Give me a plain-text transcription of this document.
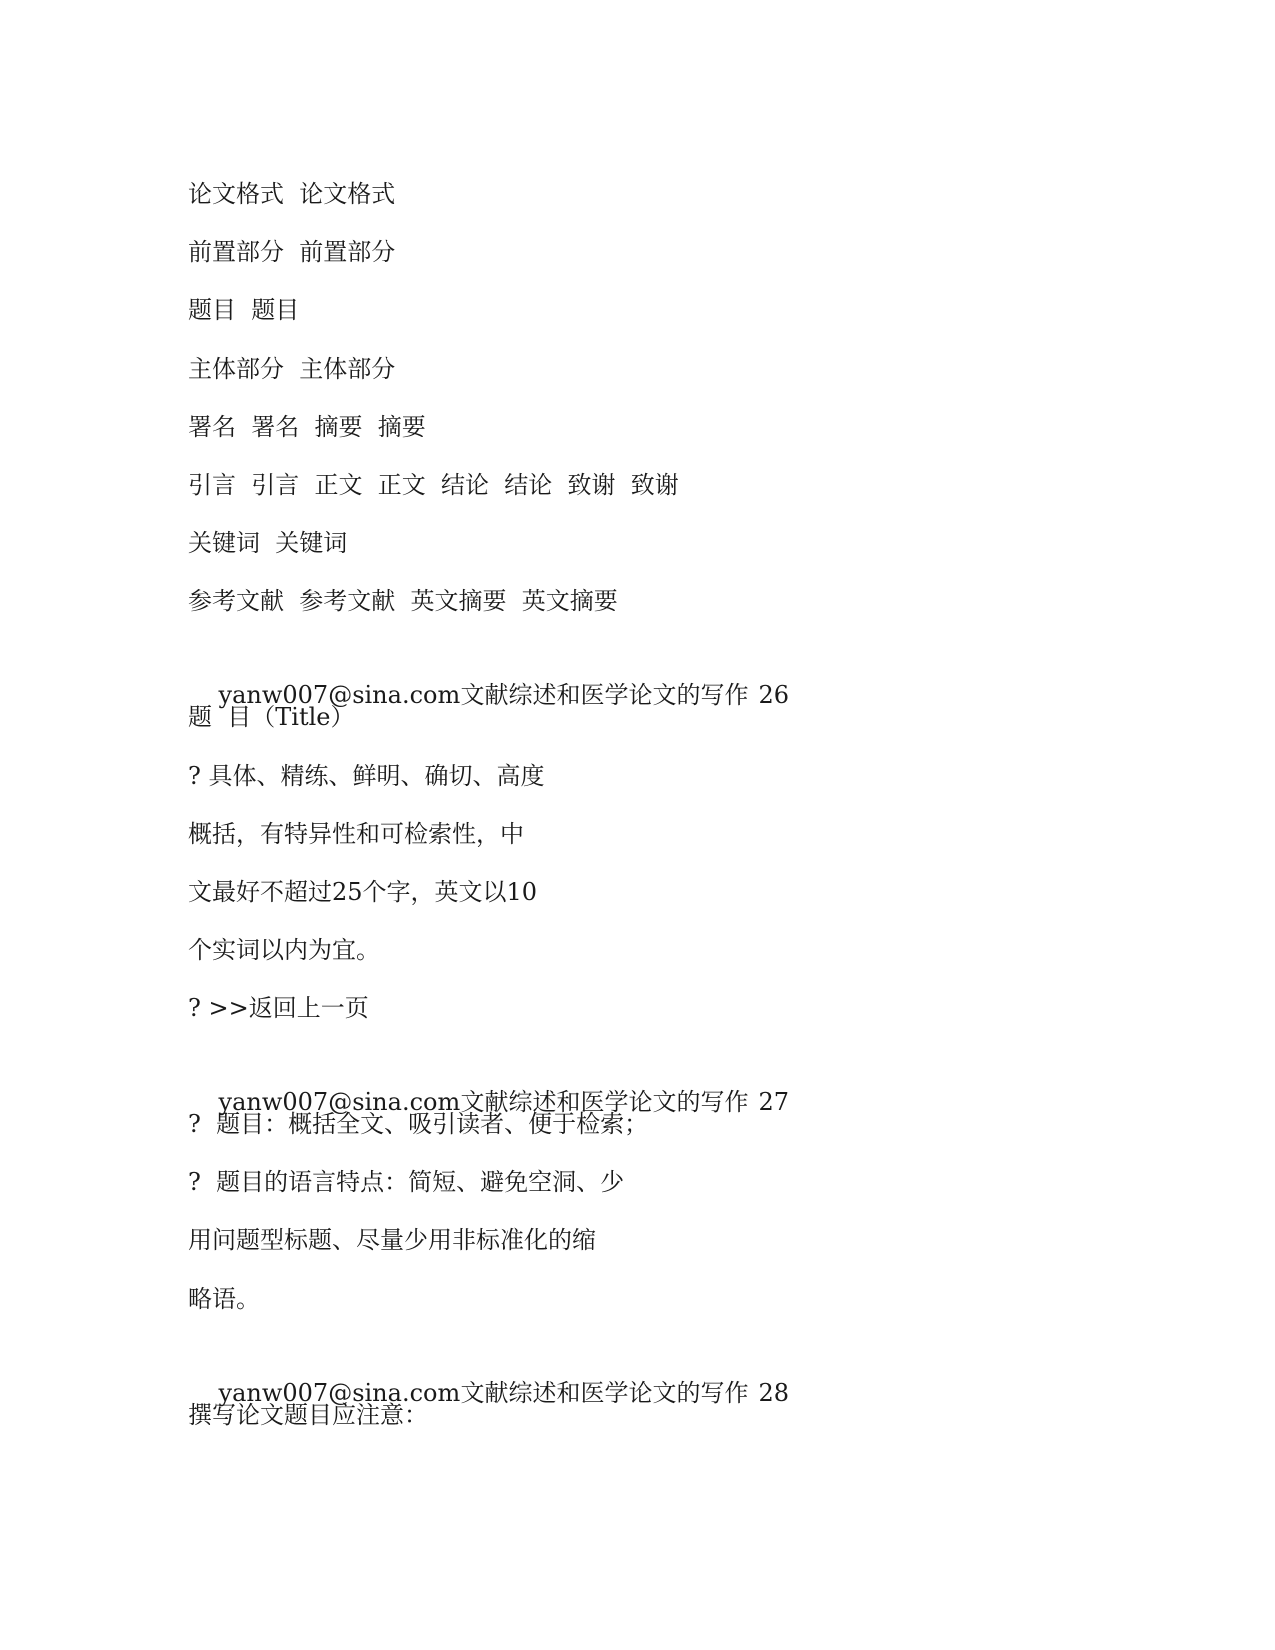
论文格式  论文格式
前置部分  前置部分
题目  题目
主体部分  主体部分
署名  署名  摘要  摘要
引言  引言  正文  正文  结论  结论  致谢  致谢
关键词  关键词
参考文献  参考文献  英文摘要  英文摘要

yanw007@sina.com文献综述和医学论文的写作 26

题  目（Title）
? 具体、精练、鲜明、确切、高度
概括，有特异性和可检索性，中
文最好不超过25个字，英文以10
个实词以内为宜。
? >>返回上一页

yanw007@sina.com文献综述和医学论文的写作 27

?  题目：概括全文、吸引读者、便于检索；
?  题目的语言特点：简短、避免空洞、少
用问题型标题、尽量少用非标准化的缩
略语。

yanw007@sina.com文献综述和医学论文的写作 28

撰写论文题目应注意：
